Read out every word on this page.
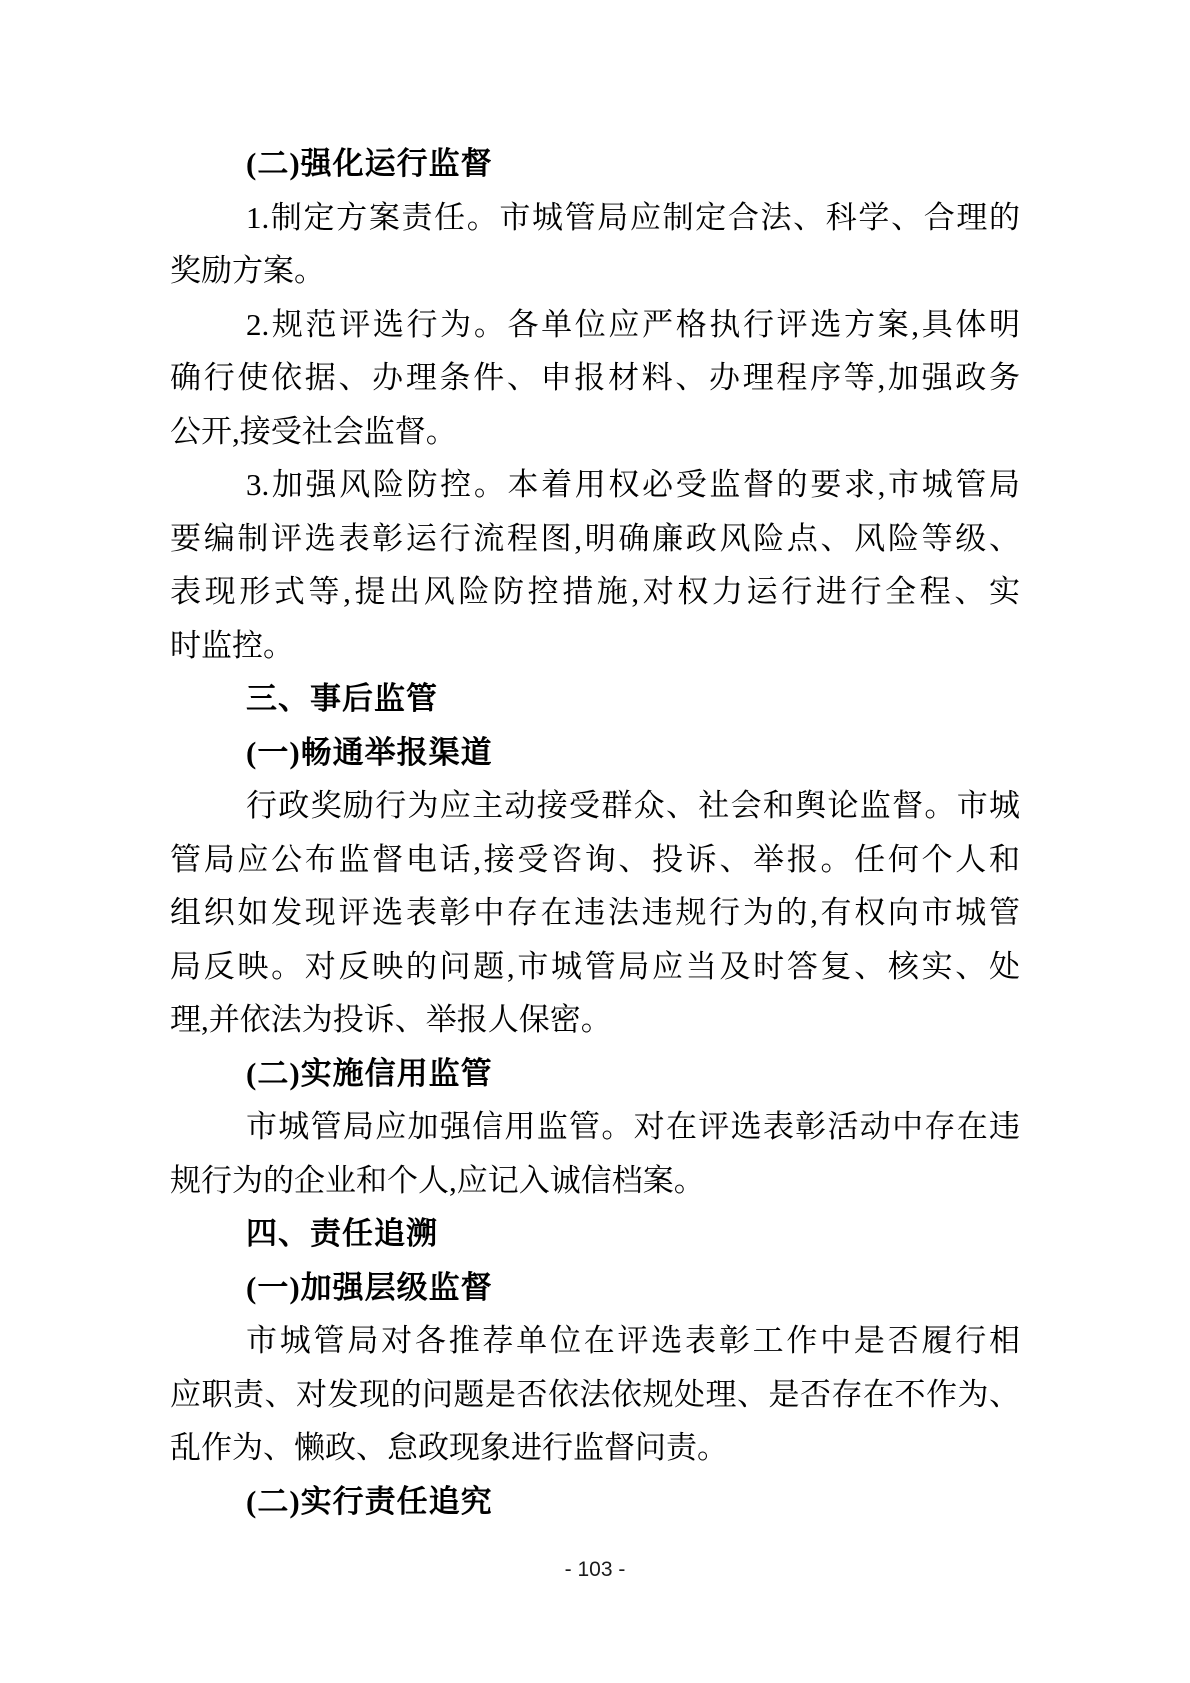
(二)强化运行监督
1.制定方案责任。市城管局应制定合法、科学、合理的
奖励方案。
2.规范评选行为。各单位应严格执行评选方案,具体明
确行使依据、办理条件、申报材料、办理程序等,加强政务
公开,接受社会监督。
3.加强风险防控。本着用权必受监督的要求,市城管局
要编制评选表彰运行流程图,明确廉政风险点、风险等级、
表现形式等,提出风险防控措施,对权力运行进行全程、实
时监控。
三、事后监管
(一)畅通举报渠道
行政奖励行为应主动接受群众、社会和舆论监督。市城
管局应公布监督电话,接受咨询、投诉、举报。任何个人和
组织如发现评选表彰中存在违法违规行为的,有权向市城管
局反映。对反映的问题,市城管局应当及时答复、核实、处
理,并依法为投诉、举报人保密。
(二)实施信用监管
市城管局应加强信用监管。对在评选表彰活动中存在违
规行为的企业和个人,应记入诚信档案。
四、责任追溯
(一)加强层级监督
市城管局对各推荐单位在评选表彰工作中是否履行相
应职责、对发现的问题是否依法依规处理、是否存在不作为、
乱作为、懒政、怠政现象进行监督问责。
(二)实行责任追究
- 103 -
